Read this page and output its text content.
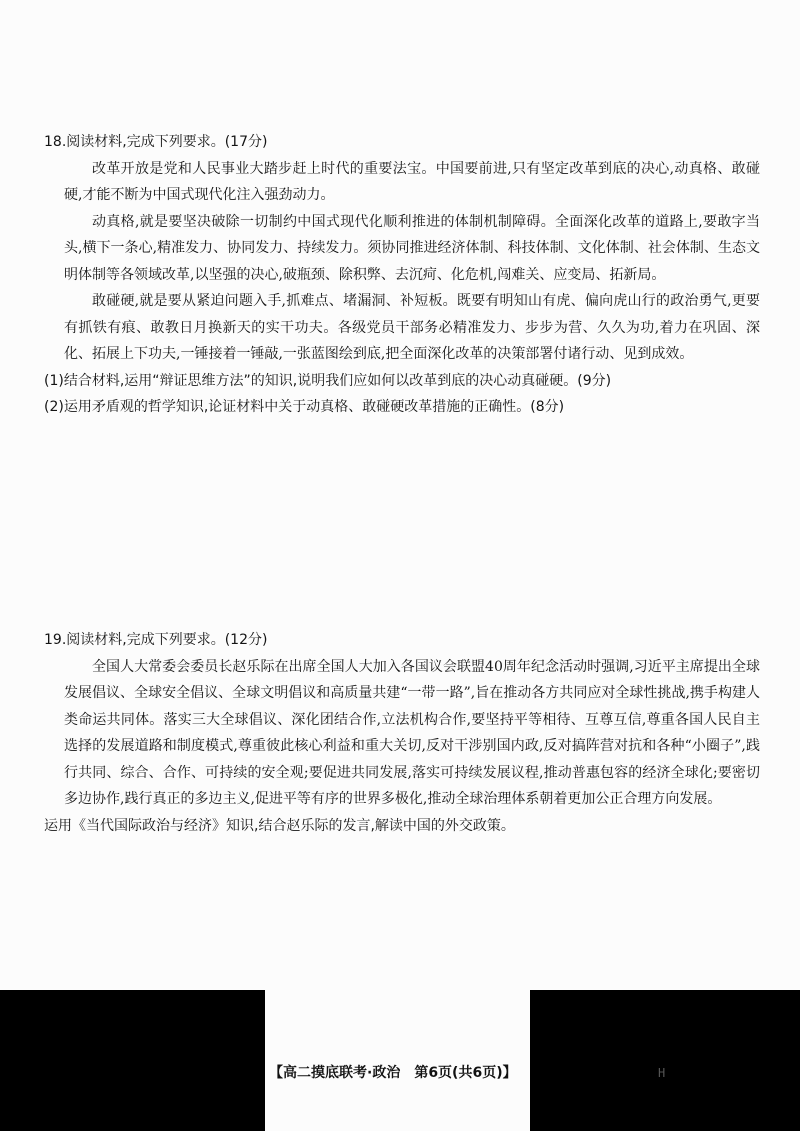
18.阅读材料,完成下列要求。(17分)

改革开放是党和人民事业大踏步赶上时代的重要法宝。中国要前进,只有坚定改革到底的决心,动真格、敢碰硬,才能不断为中国式现代化注入强劲动力。

动真格,就是要坚决破除一切制约中国式现代化顺利推进的体制机制障碍。全面深化改革的道路上,要敢字当头,横下一条心,精准发力、协同发力、持续发力。须协同推进经济体制、科技体制、文化体制、社会体制、生态文明体制等各领域改革,以坚强的决心,破瓶颈、除积弊、去沉疴、化危机,闯难关、应变局、拓新局。

敢碰硬,就是要从紧迫问题入手,抓难点、堵漏洞、补短板。既要有明知山有虎、偏向虎山行的政治勇气,更要有抓铁有痕、敢教日月换新天的实干功夫。各级党员干部务必精准发力、步步为营、久久为功,着力在巩固、深化、拓展上下功夫,一锤接着一锤敲,一张蓝图绘到底,把全面深化改革的决策部署付诸行动、见到成效。

(1)结合材料,运用“辩证思维方法”的知识,说明我们应如何以改革到底的决心动真碰硬。(9分)

(2)运用矛盾观的哲学知识,论证材料中关于动真格、敢碰硬改革措施的正确性。(8分)

19.阅读材料,完成下列要求。(12分)

全国人大常委会委员长赵乐际在出席全国人大加入各国议会联盟40周年纪念活动时强调,习近平主席提出全球发展倡议、全球安全倡议、全球文明倡议和高质量共建“一带一路”,旨在推动各方共同应对全球性挑战,携手构建人类命运共同体。落实三大全球倡议、深化团结合作,立法机构合作,要坚持平等相待、互尊互信,尊重各国人民自主选择的发展道路和制度模式,尊重彼此核心利益和重大关切,反对干涉别国内政,反对搞阵营对抗和各种“小圈子”,践行共同、综合、合作、可持续的安全观;要促进共同发展,落实可持续发展议程,推动普惠包容的经济全球化;要密切多边协作,践行真正的多边主义,促进平等有序的世界多极化,推动全球治理体系朝着更加公正合理方向发展。

运用《当代国际政治与经济》知识,结合赵乐际的发言,解读中国的外交政策。

【高二摸底联考·政治　第6页(共6页)】	H
